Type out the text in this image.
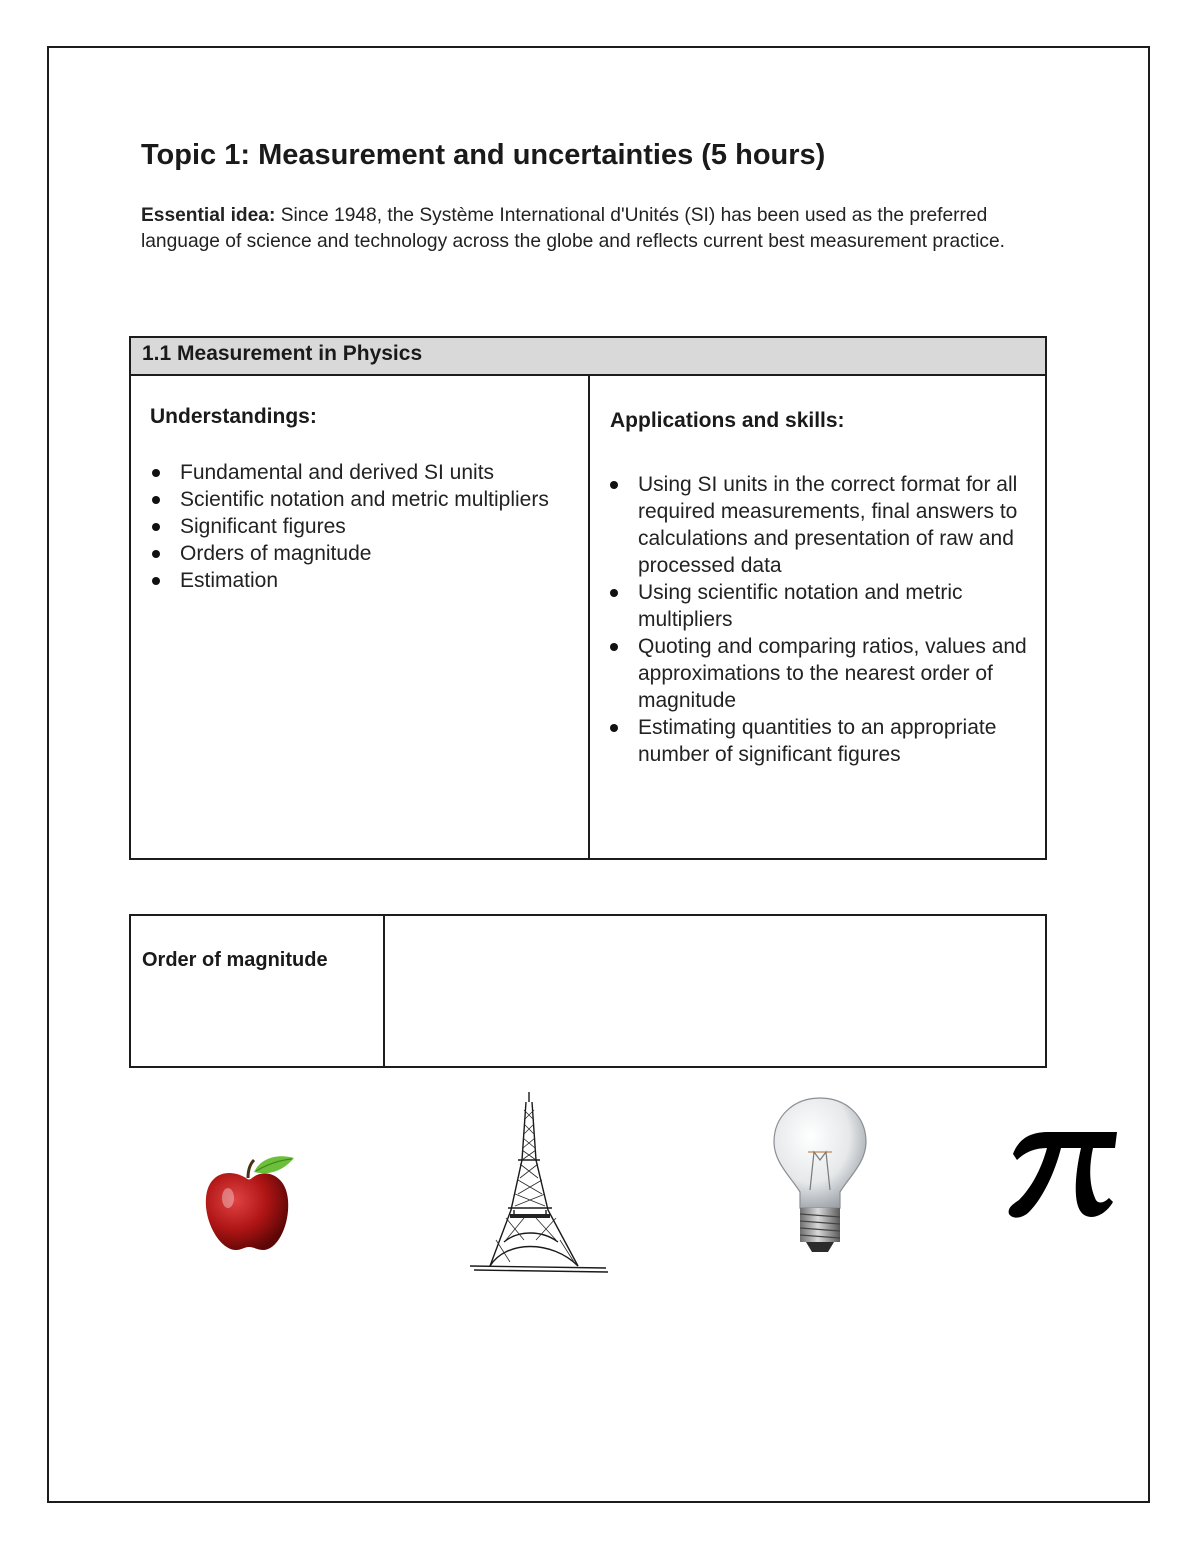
Topic 1: Measurement and uncertainties (5 hours)

Essential idea: Since 1948, the Système International d'Unités (SI) has been used as the preferred language of science and technology across the globe and reflects current best measurement practice.

1.1 Measurement in Physics
Understandings:
Fundamental and derived SI units
Scientific notation and metric multipliers
Significant figures
Orders of magnitude
Estimation
Applications and skills:
Using SI units in the correct format for all required measurements, final answers to calculations and presentation of raw and processed data
Using scientific notation and metric multipliers
Quoting and comparing ratios, values and approximations to the nearest order of magnitude
Estimating quantities to an appropriate number of significant figures
Order of magnitude
